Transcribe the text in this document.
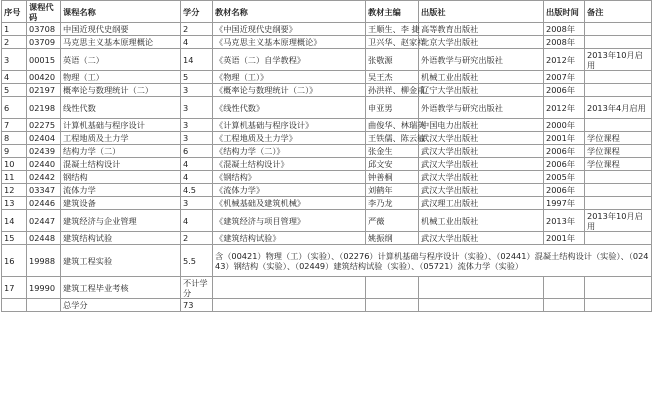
序号	课程代码	课程名称	学分	教材名称	教材主编	出版社	出版时间	备注
1	03708	中国近现代史纲要	2	《中国近现代史纲要》	王顺生、李 捷	高等教育出版社	2008年	
2	03709	马克思主义基本原理概论	4	《马克思主义基本原理概论》	卫兴华、赵家祥	北京大学出版社	2008年	
3	00015	英语（二）	14	《英语（二）自学教程》	张敬源	外语教学与研究出版社	2012年	2013年10月启用
4	00420	物理（工）	5	《物理（工）》	吴王杰	机械工业出版社	2007年	
5	02197	概率论与数理统计（二）	3	《概率论与数理统计（二）》	孙洪祥、柳金甫	辽宁大学出版社	2006年	
6	02198	线性代数	3	《线性代数》	申亚男	外语教学与研究出版社	2012年	2013年4月启用
7	02275	计算机基础与程序设计	3	《计算机基础与程序设计》	曲俊华、林瑞英	中国电力出版社	2000年	
8	02404	工程地质及土力学	3	《工程地质及土力学》	王铁儒、陈云敏	武汉大学出版社	2001年	学位课程
9	02439	结构力学（二）	6	《结构力学（二）》	张金生	武汉大学出版社	2006年	学位课程
10	02440	混凝土结构设计	4	《混凝土结构设计》	邱文安	武汉大学出版社	2006年	学位课程
11	02442	钢结构	4	《钢结构》	钟善桐	武汉大学出版社	2005年	
12	03347	流体力学	4.5	《流体力学》	刘鹤年	武汉大学出版社	2006年	
13	02446	建筑设备	3	《机械基础及建筑机械》	李乃龙	武汉理工出版社	1997年	
14	02447	建筑经济与企业管理	4	《建筑经济与项目管理》	严薇	机械工业出版社	2013年	2013年10月启用
15	02448	建筑结构试验	2	《建筑结构试验》	姚振纲	武汉大学出版社	2001年	
16	19988	建筑工程实验	5.5	含（00421）物理（工）（实验）、（02276）计算机基础与程序设计（实验）、（02441）混凝土结构设计（实验）、（02443）钢结构（实验）、（02449）建筑结构试验（实验）、（05721）流体力学（实验）				
17	19990	建筑工程毕业考核	不计学分					
		总学分	73					
